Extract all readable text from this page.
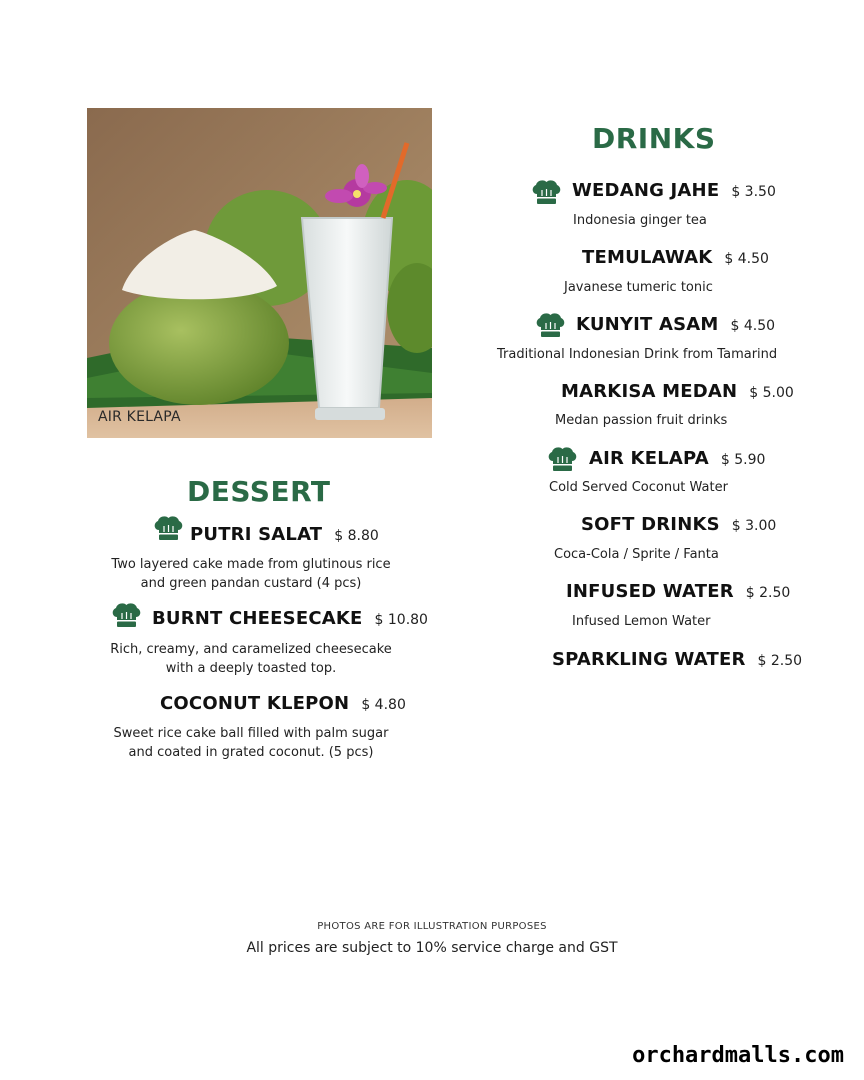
AIR KELAPA
DRINKS
WEDANG JAHE $ 3.50
Indonesia ginger tea
TEMULAWAK $ 4.50
Javanese tumeric tonic
KUNYIT ASAM $ 4.50
Traditional Indonesian Drink from Tamarind
MARKISA MEDAN $ 5.00
Medan passion fruit drinks
AIR KELAPA $ 5.90
Cold Served Coconut Water
SOFT DRINKS $ 3.00
Coca-Cola / Sprite / Fanta
INFUSED WATER $ 2.50
Infused Lemon Water
SPARKLING WATER $ 2.50
DESSERT
PUTRI SALAT $ 8.80
Two layered cake made from glutinous rice
and green pandan custard (4 pcs)
BURNT CHEESECAKE $ 10.80
Rich, creamy, and caramelized cheesecake
with a deeply toasted top.
COCONUT KLEPON $ 4.80
Sweet rice cake ball filled with palm sugar
and coated in grated coconut. (5 pcs)
PHOTOS ARE FOR ILLUSTRATION PURPOSES
All prices are subject to 10% service charge and GST
orchardmalls.com
